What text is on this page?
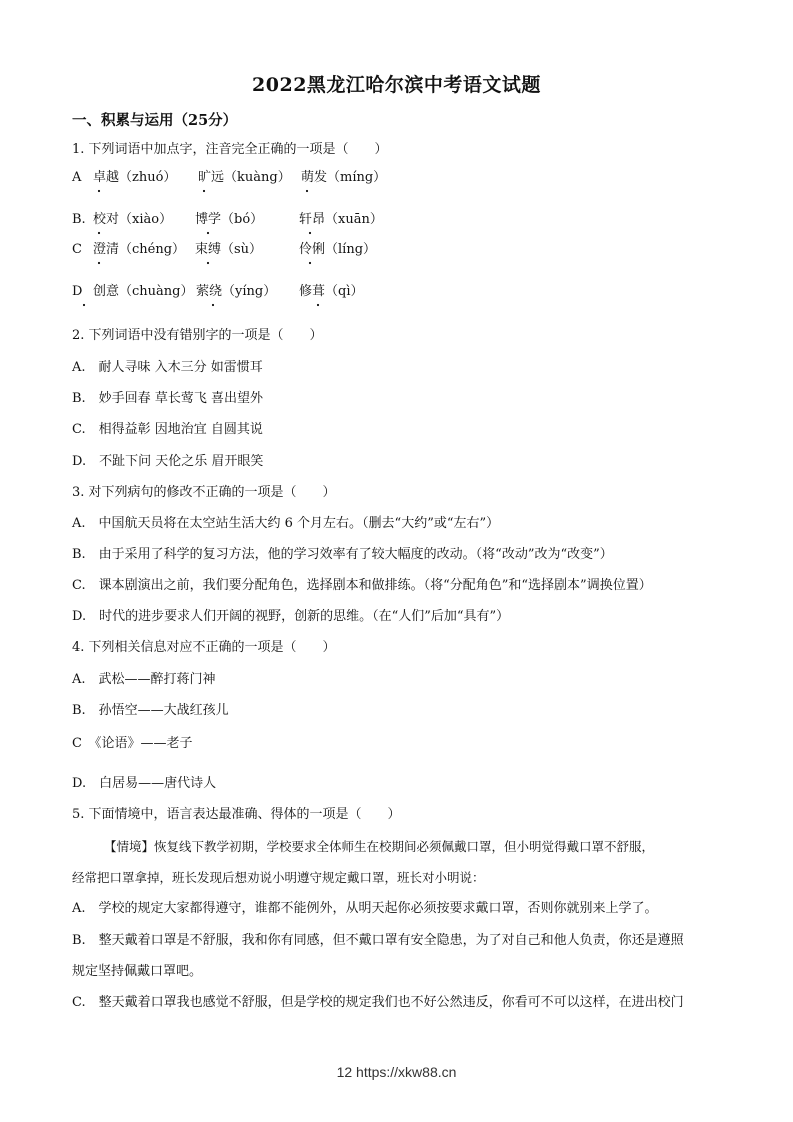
2022黑龙江哈尔滨中考语文试题
一、积累与运用（25分）
1. 下列词语中加点字，注音完全正确的一项是（　　）
A 卓越（zhuó） 旷远（kuàng） 萌发（míng）
B. 校对（xiào） 博学（bó）	轩昂（xuān）
C 澄清（chéng） 束缚（sù）	伶俐（líng）
D 创意（chuàng） 萦绕（yíng） 修葺（qì）
2. 下列词语中没有错别字的一项是（　　）
A.　耐人寻味 入木三分 如雷惯耳
B.　妙手回春 草长莺飞 喜出望外
C.　相得益彰 因地治宜 自圆其说
D.　不趾下问 天伦之乐 眉开眼笑
3. 对下列病句的修改不正确的一项是（　　）
A.　中国航天员将在太空站生活大约 6 个月左右。（删去“大约”或“左右”）
B.　由于采用了科学的复习方法，他的学习效率有了较大幅度的改动。（将“改动”改为“改变”）
C.　课本剧演出之前，我们要分配角色，选择剧本和做排练。（将“分配角色”和“选择剧本”调换位置）
D.　时代的进步要求人们开阔的视野，创新的思维。（在“人们”后加“具有”）
4. 下列相关信息对应不正确的一项是（　　）
A.　武松——醉打蒋门神
B.　孙悟空——大战红孩儿
C　《论语》——老子
D.　白居易——唐代诗人
5. 下面情境中，语言表达最准确、得体的一项是（　　）
【情境】恢复线下教学初期，学校要求全体师生在校期间必须佩戴口罩，但小明觉得戴口罩不舒服，
经常把口罩拿掉，班长发现后想劝说小明遵守规定戴口罩，班长对小明说：
A.　学校的规定大家都得遵守，谁都不能例外，从明天起你必须按要求戴口罩，否则你就别来上学了。
B.　整天戴着口罩是不舒服，我和你有同感，但不戴口罩有安全隐患，为了对自己和他人负责，你还是遵照
规定坚持佩戴口罩吧。
C.　整天戴着口罩我也感觉不舒服，但是学校的规定我们也不好公然违反，你看可不可以这样，在进出校门
12 https://xkw88.cn
